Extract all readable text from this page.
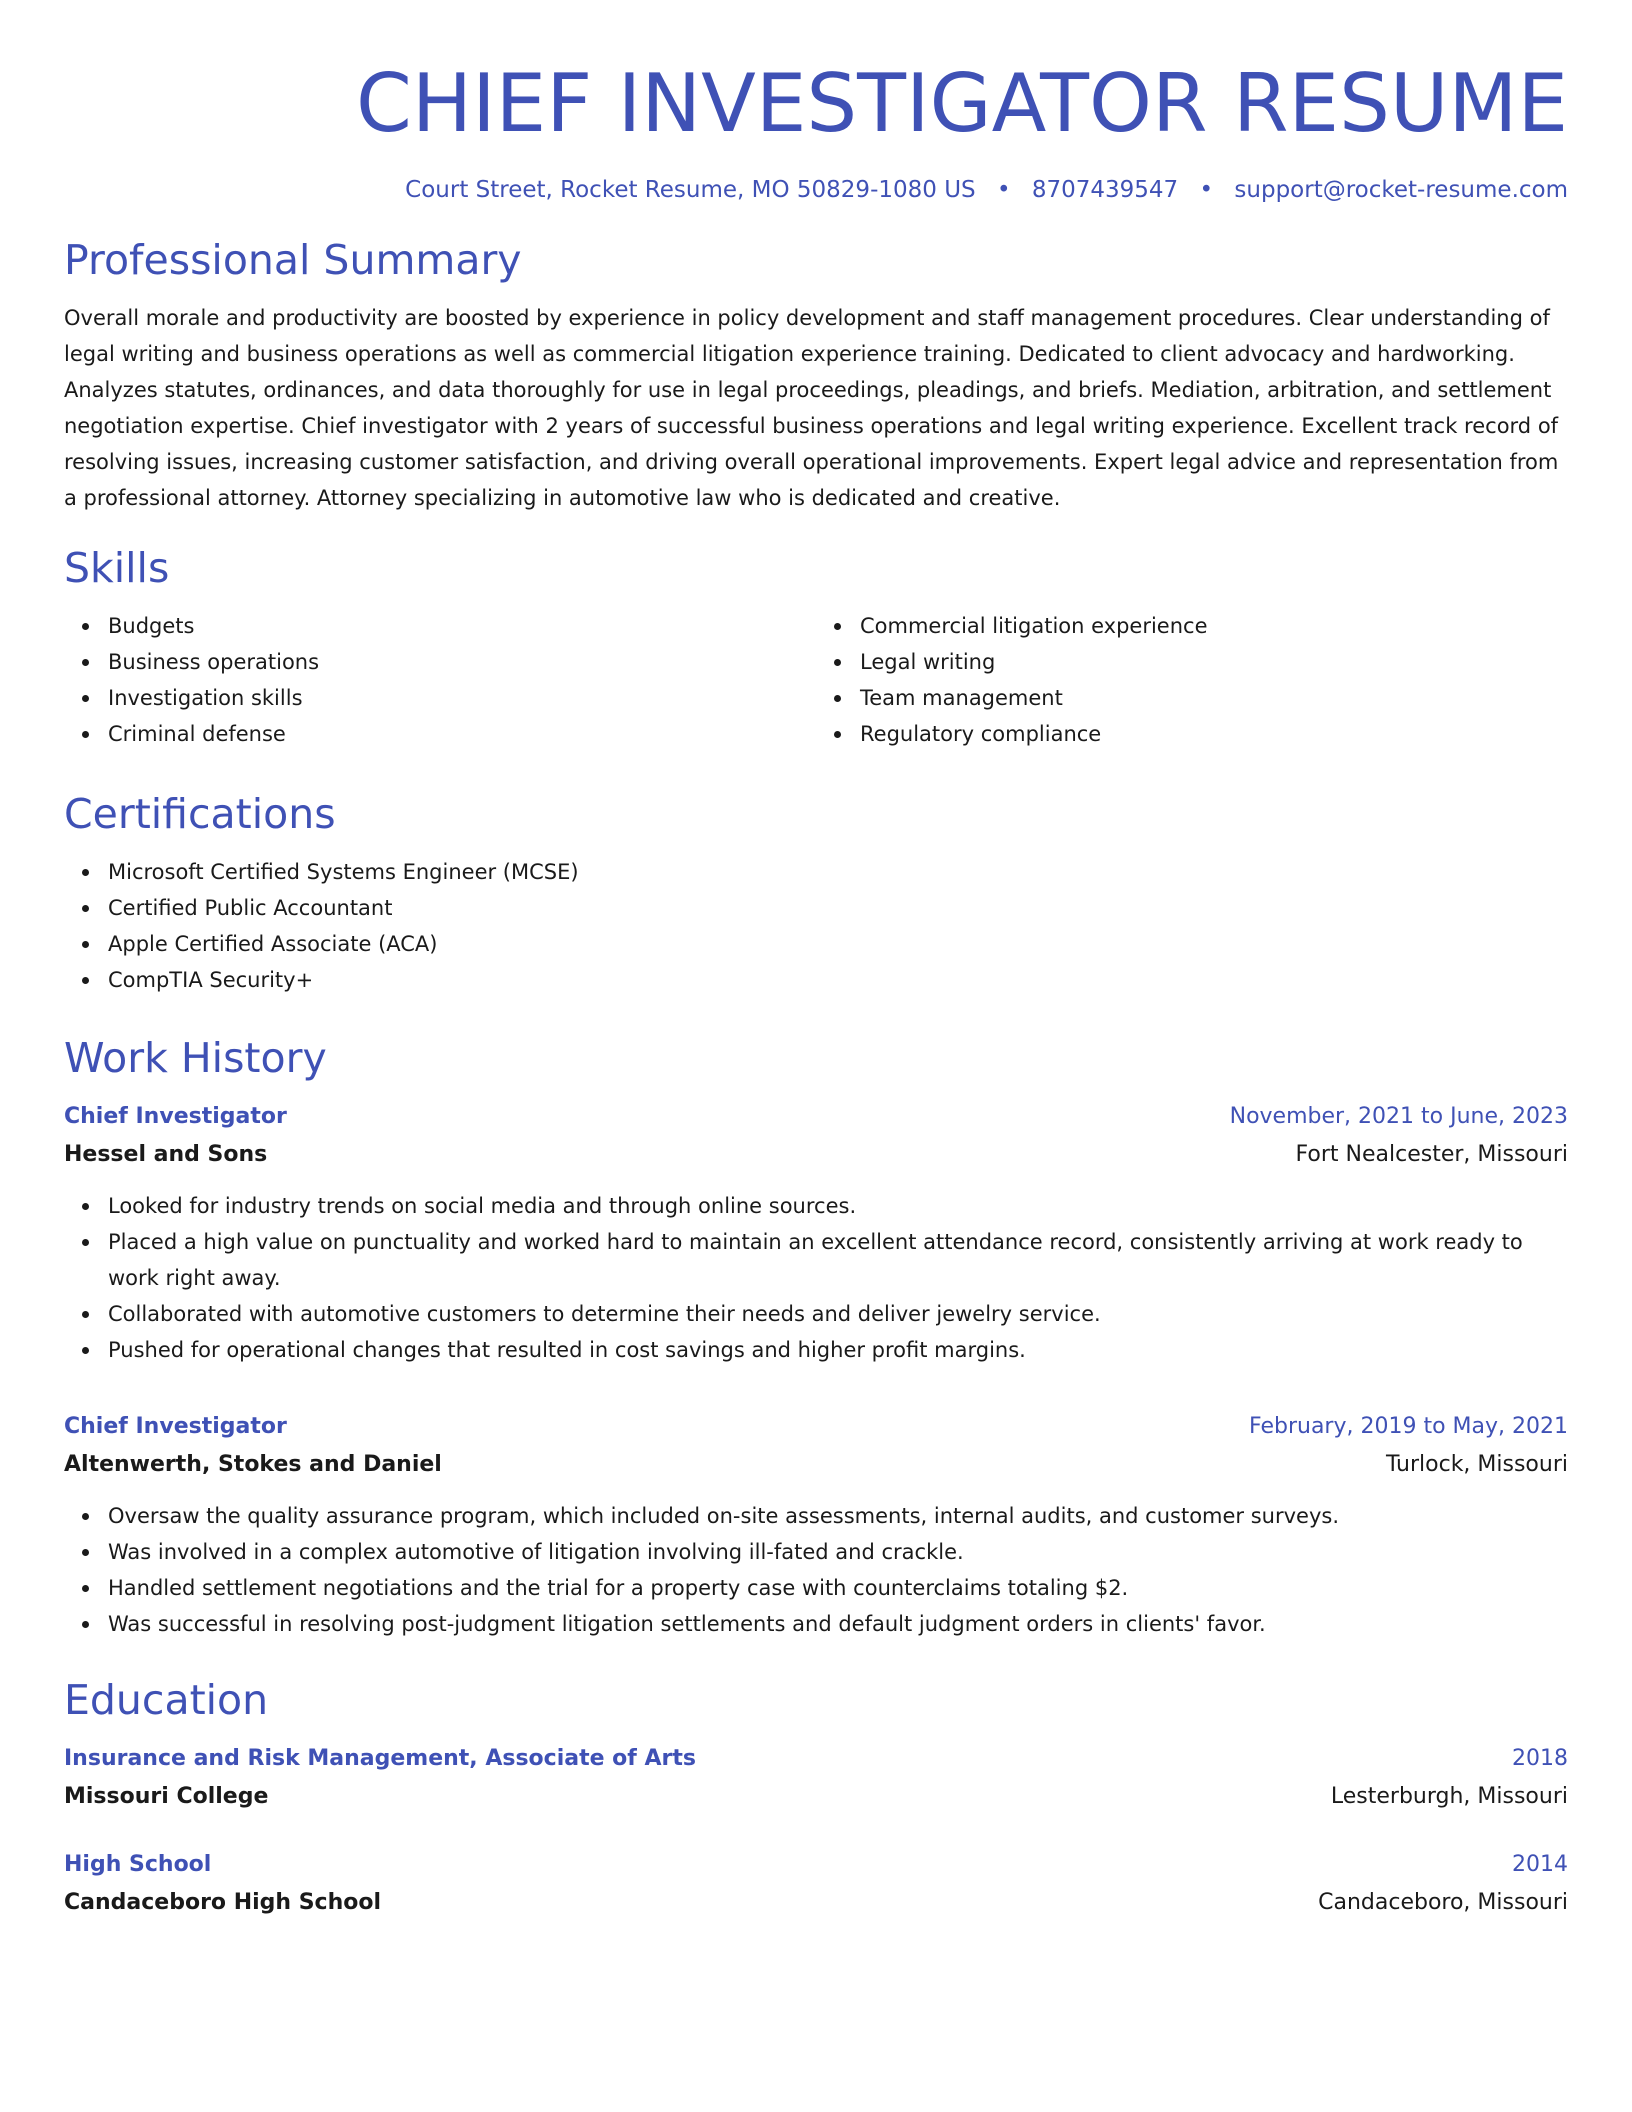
CHIEF INVESTIGATOR RESUME
Court Street, Rocket Resume, MO 50829-1080 US • 8707439547 • support@rocket-resume.com
Professional Summary

Overall morale and productivity are boosted by experience in policy development and staff management procedures. Clear understanding of legal writing and business operations as well as commercial litigation experience training. Dedicated to client advocacy and hardworking. Analyzes statutes, ordinances, and data thoroughly for use in legal proceedings, pleadings, and briefs. Mediation, arbitration, and settlement negotiation expertise. Chief investigator with 2 years of successful business operations and legal writing experience. Excellent track record of resolving issues, increasing customer satisfaction, and driving overall operational improvements. Expert legal advice and representation from a professional attorney. Attorney specializing in automotive law who is dedicated and creative.

Skills
Budgets
Business operations
Investigation skills
Criminal defense
Commercial litigation experience
Legal writing
Team management
Regulatory compliance
Certifications
Microsoft Certified Systems Engineer (MCSE)
Certified Public Accountant
Apple Certified Associate (ACA)
CompTIA Security+
Work History
Chief Investigator	November, 2021 to June, 2023
Hessel and Sons	Fort Nealcester, Missouri
Looked for industry trends on social media and through online sources.
Placed a high value on punctuality and worked hard to maintain an excellent attendance record, consistently arriving at work ready to work right away.
Collaborated with automotive customers to determine their needs and deliver jewelry service.
Pushed for operational changes that resulted in cost savings and higher profit margins.
Chief Investigator	February, 2019 to May, 2021
Altenwerth, Stokes and Daniel	Turlock, Missouri
Oversaw the quality assurance program, which included on-site assessments, internal audits, and customer surveys.
Was involved in a complex automotive of litigation involving ill-fated and crackle.
Handled settlement negotiations and the trial for a property case with counterclaims totaling $2.
Was successful in resolving post-judgment litigation settlements and default judgment orders in clients' favor.
Education
Insurance and Risk Management, Associate of Arts	2018
Missouri College	Lesterburgh, Missouri
High School	2014
Candaceboro High School	Candaceboro, Missouri
